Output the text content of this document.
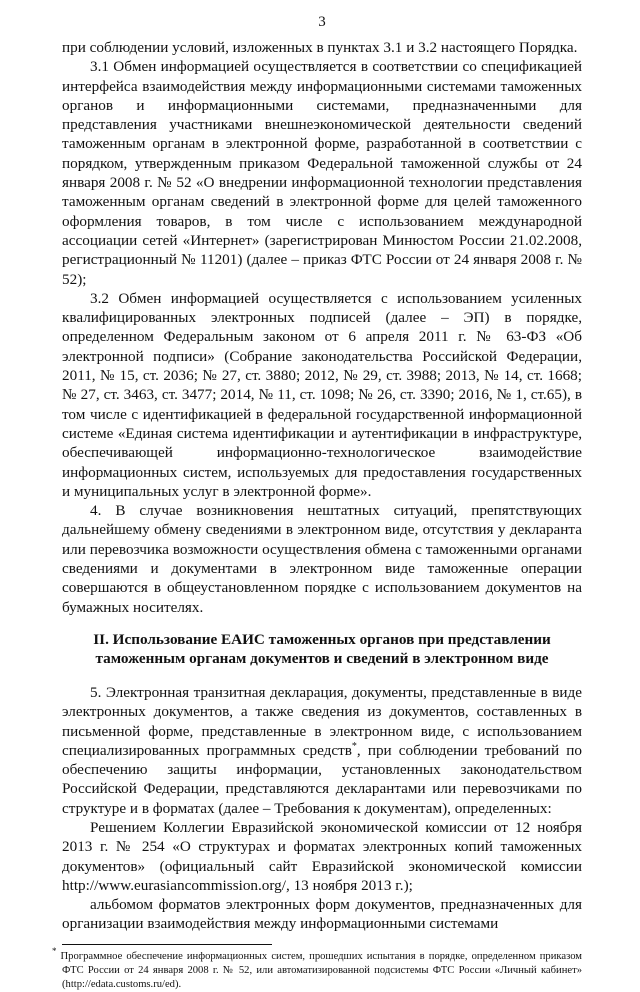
3

при соблюдении условий, изложенных в пунктах 3.1 и 3.2 настоящего Порядка.

3.1 Обмен информацией осуществляется в соответствии со спецификацией интерфейса взаимодействия между информационными системами таможенных органов и информационными системами, предназначенными для представления участниками внешнеэкономической деятельности сведений таможенным органам в электронной форме, разработанной в соответствии с порядком, утвержденным приказом Федеральной таможенной службы от 24 января 2008 г. № 52 «О внедрении информационной технологии представления таможенным органам сведений в электронной форме для целей таможенного оформления товаров, в том числе с использованием международной ассоциации сетей «Интернет» (зарегистрирован Минюстом России 21.02.2008, регистрационный № 11201) (далее – приказ ФТС России от 24 января 2008 г. № 52);

3.2 Обмен информацией осуществляется с использованием усиленных квалифицированных электронных подписей (далее – ЭП) в порядке, определенном Федеральным законом от 6 апреля 2011 г. № 63-ФЗ «Об электронной подписи» (Собрание законодательства Российской Федерации, 2011, № 15, ст. 2036; № 27, ст. 3880; 2012, № 29, ст. 3988; 2013, № 14, ст. 1668; № 27, ст. 3463, ст. 3477; 2014, № 11, ст. 1098; № 26, ст. 3390; 2016, № 1, ст.65), в том числе с идентификацией в федеральной государственной информационной системе «Единая система идентификации и аутентификации в инфраструктуре, обеспечивающей информационно-технологическое взаимодействие информационных систем, используемых для предоставления государственных и муниципальных услуг в электронной форме».

4. В случае возникновения нештатных ситуаций, препятствующих дальнейшему обмену сведениями в электронном виде, отсутствия у декларанта или перевозчика возможности осуществления обмена с таможенными органами сведениями и документами в электронном виде таможенные операции совершаются в общеустановленном порядке с использованием документов на бумажных носителях.

II. Использование ЕАИС таможенных органов при представлении
таможенным органам документов и сведений в электронном виде

5. Электронная транзитная декларация, документы, представленные в виде электронных документов, а также сведения из документов, составленных в письменной форме, представленные в электронном виде, с использованием специализированных программных средств*, при соблюдении требований по обеспечению защиты информации, установленных законодательством Российской Федерации, представляются декларантами или перевозчиками по структуре и в форматах (далее – Требования к документам), определенных:

Решением Коллегии Евразийской экономической комиссии от 12 ноября 2013 г. № 254 «О структурах и форматах электронных копий таможенных документов» (официальный сайт Евразийской экономической комиссии http://www.eurasiancommission.org/, 13 ноября 2013 г.);

альбомом форматов электронных форм документов, предназначенных для организации взаимодействия между информационными системами

* Программное обеспечение информационных систем, прошедших испытания в порядке, определенном приказом ФТС России от 24 января 2008 г. № 52, или автоматизированной подсистемы ФТС России «Личный кабинет» (http://edata.customs.ru/ed).
